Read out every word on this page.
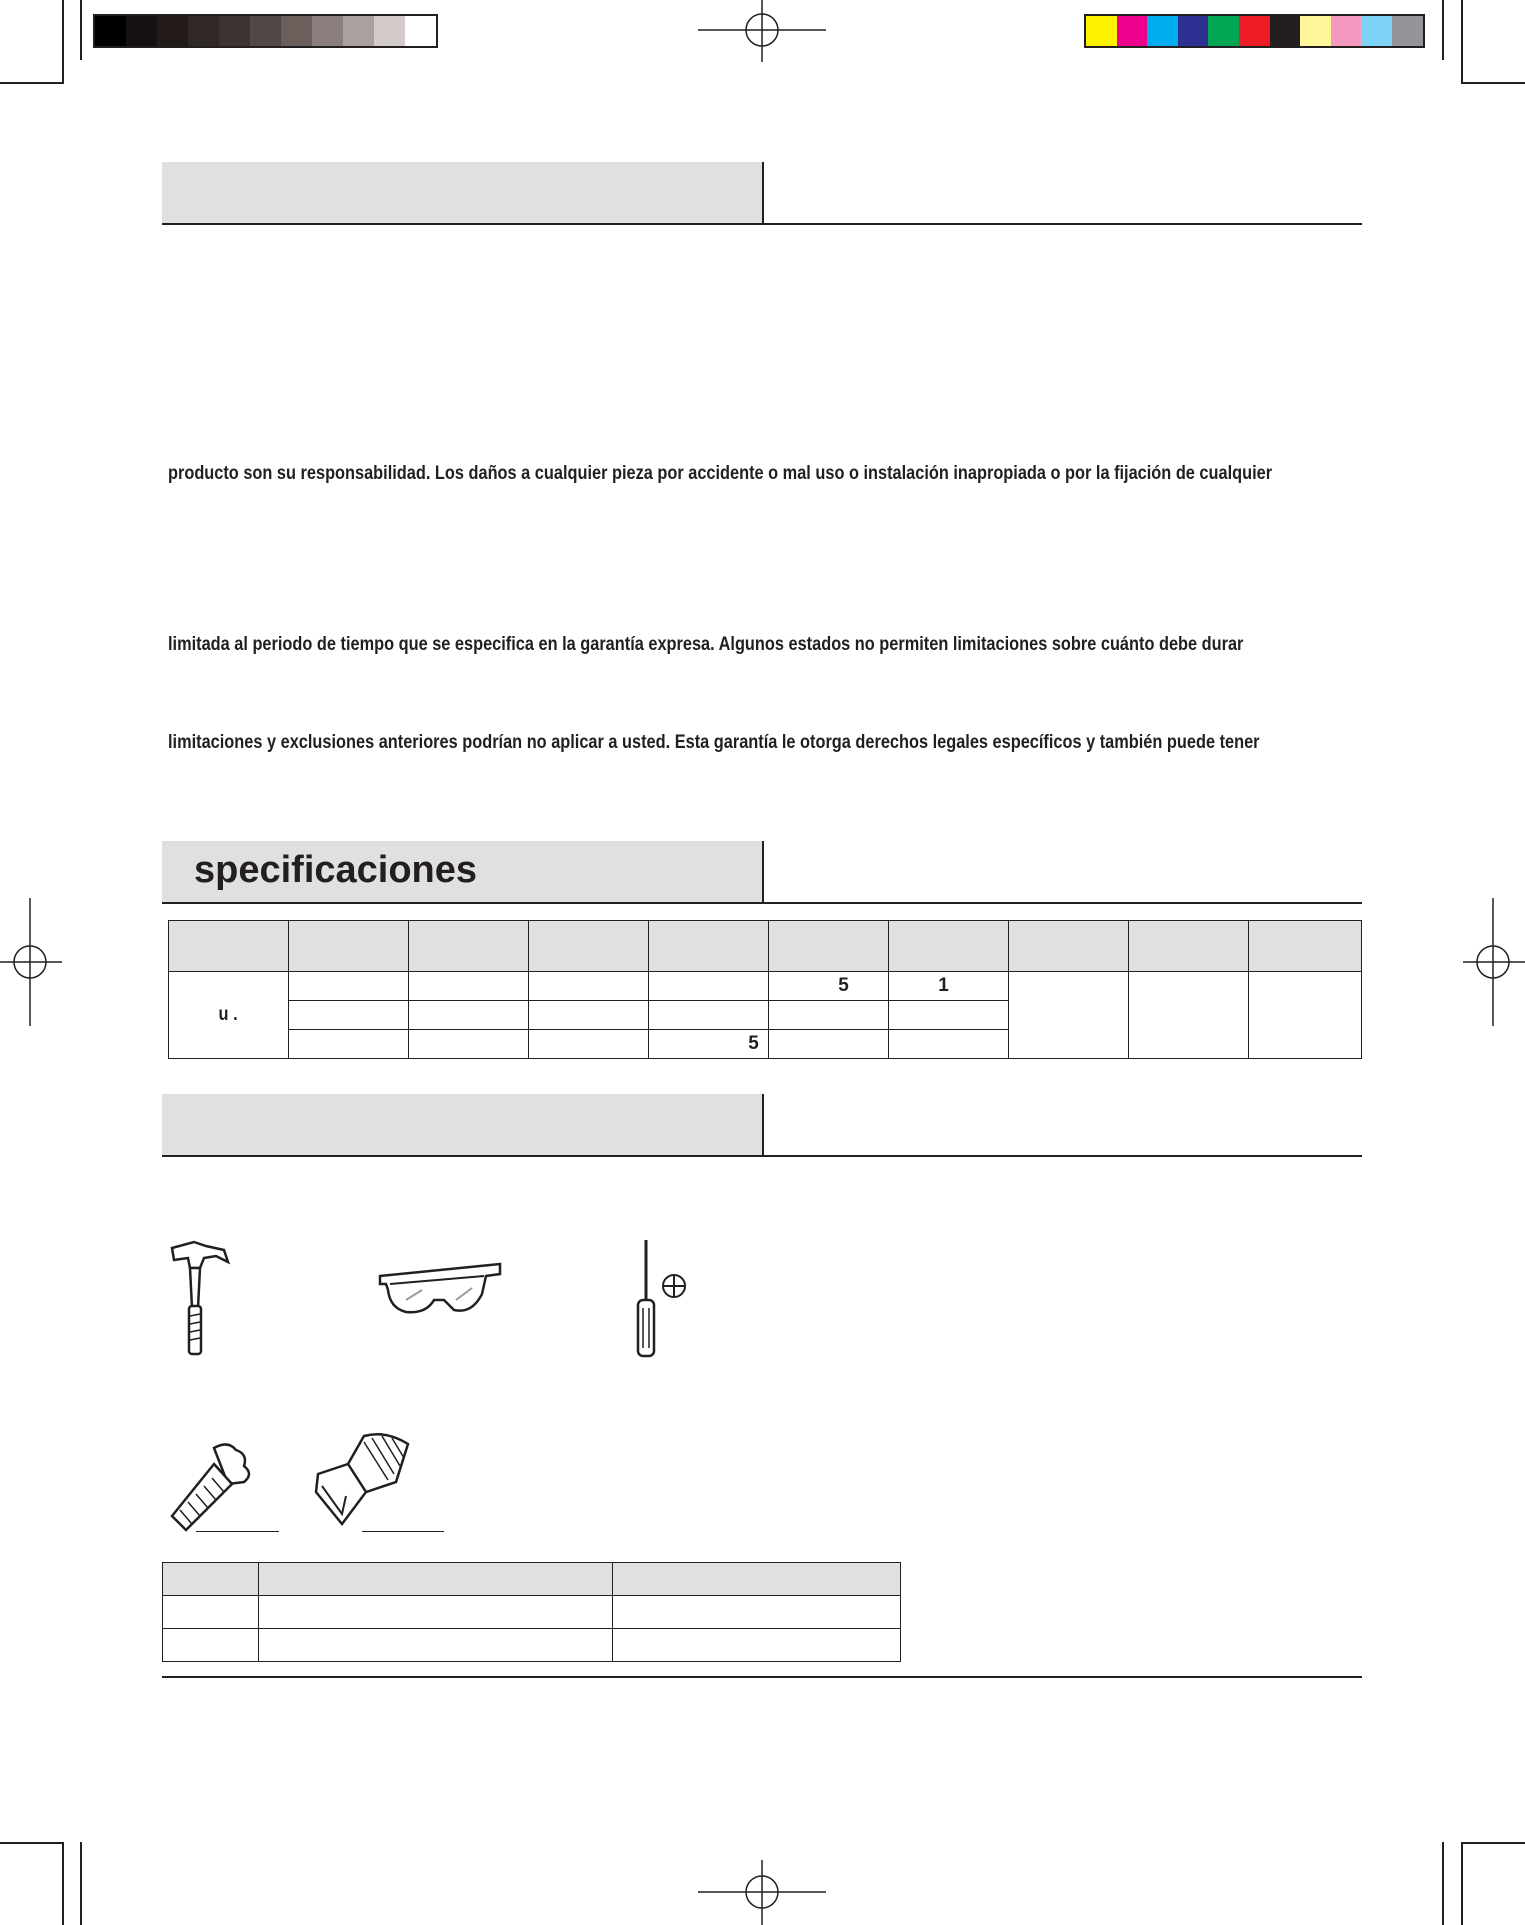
producto son su responsabilidad. Los daños a cualquier pieza por accidente o mal uso o instalación inapropiada o por la fijación de cualquier
limitada al periodo de tiempo que se especifica en la garantía expresa. Algunos estados no permiten limitaciones sobre cuánto debe durar
limitaciones y exclusiones anteriores podrían no aplicar a usted. Esta garantía le otorga derechos legales específicos y también puede tener
specificaciones

u .					5	1			

				5					
